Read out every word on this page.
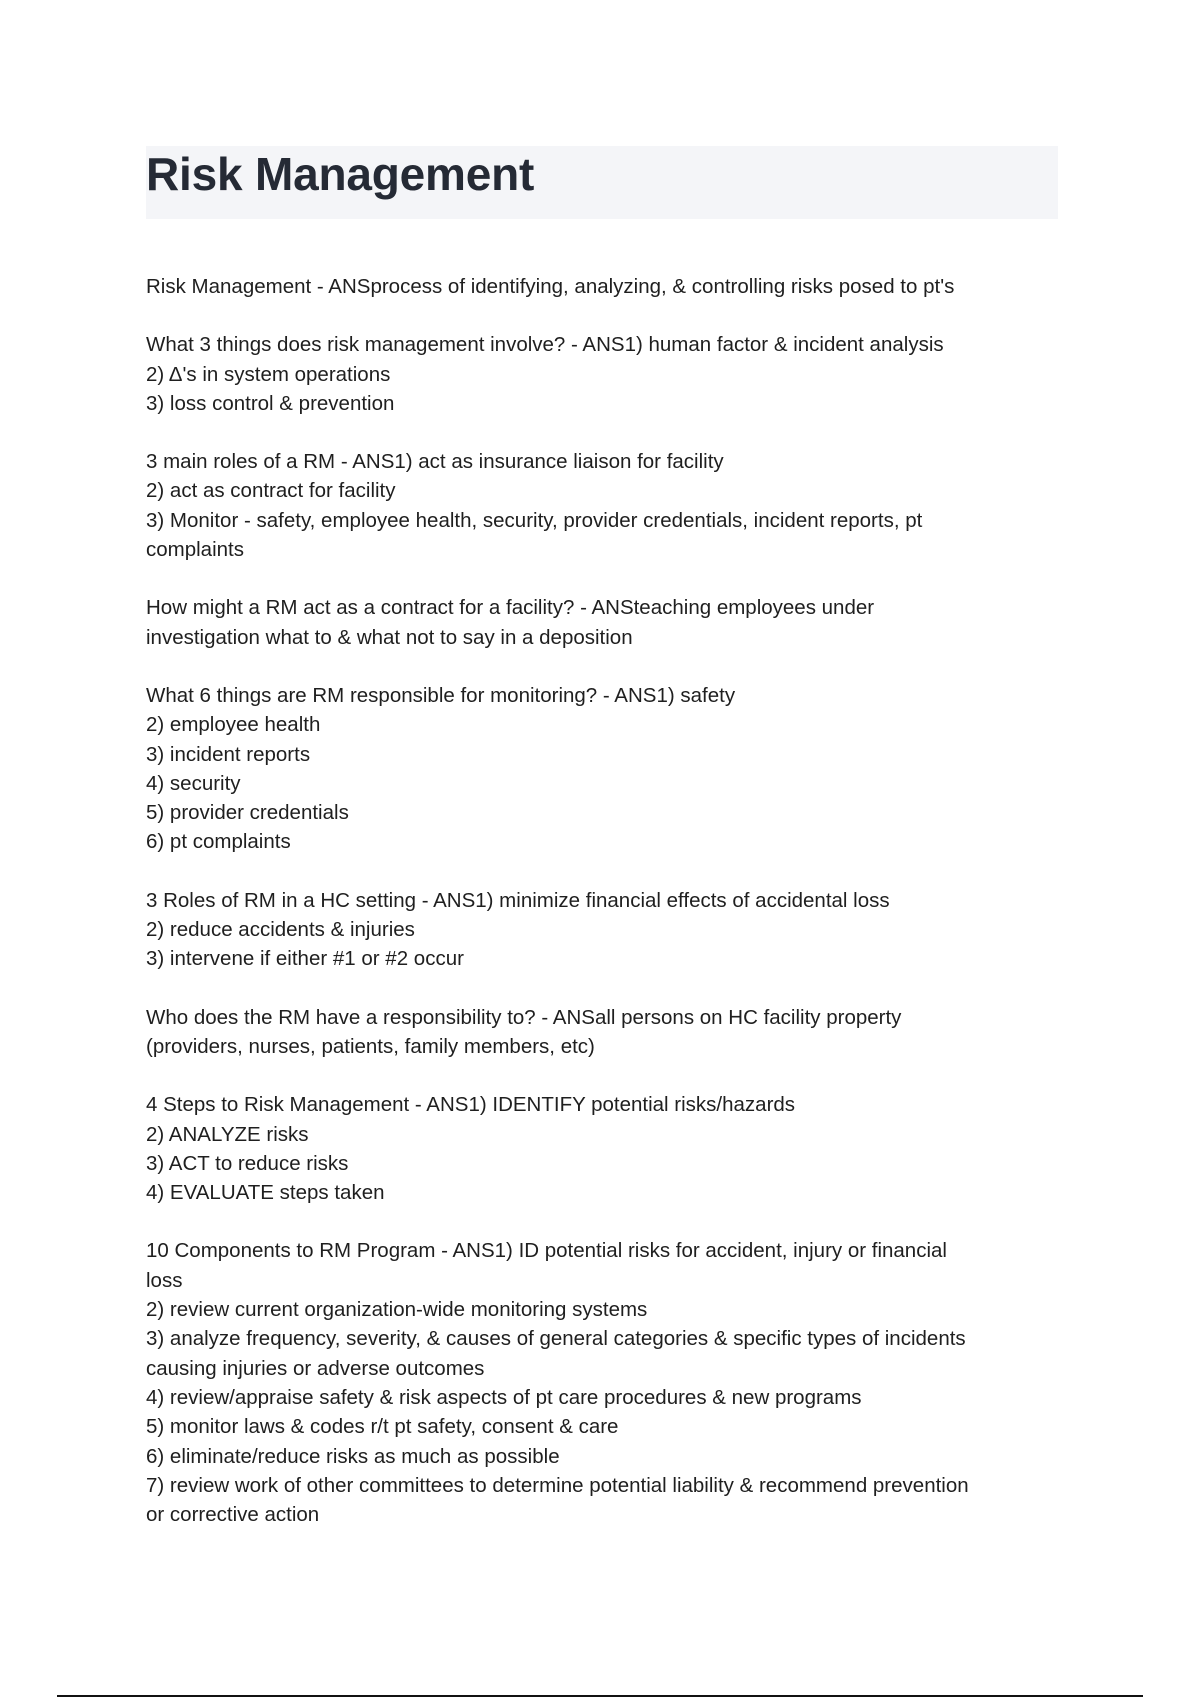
Risk Management
Risk Management - ANSprocess of identifying, analyzing, & controlling risks posed to pt's
What 3 things does risk management involve? - ANS1) human factor & incident analysis
2) Δ's in system operations
3) loss control & prevention
3 main roles of a RM - ANS1) act as insurance liaison for facility
2) act as contract for facility
3) Monitor - safety, employee health, security, provider credentials, incident reports, pt
complaints
How might a RM act as a contract for a facility? - ANSteaching employees under
investigation what to & what not to say in a deposition
What 6 things are RM responsible for monitoring? - ANS1) safety
2) employee health
3) incident reports
4) security
5) provider credentials
6) pt complaints
3 Roles of RM in a HC setting - ANS1) minimize financial effects of accidental loss
2) reduce accidents & injuries
3) intervene if either #1 or #2 occur
Who does the RM have a responsibility to? - ANSall persons on HC facility property
(providers, nurses, patients, family members, etc)
4 Steps to Risk Management - ANS1) IDENTIFY potential risks/hazards
2) ANALYZE risks
3) ACT to reduce risks
4) EVALUATE steps taken
10 Components to RM Program - ANS1) ID potential risks for accident, injury or financial
loss
2) review current organization-wide monitoring systems
3) analyze frequency, severity, & causes of general categories & specific types of incidents
causing injuries or adverse outcomes
4) review/appraise safety & risk aspects of pt care procedures & new programs
5) monitor laws & codes r/t pt safety, consent & care
6) eliminate/reduce risks as much as possible
7) review work of other committees to determine potential liability & recommend prevention
or corrective action
